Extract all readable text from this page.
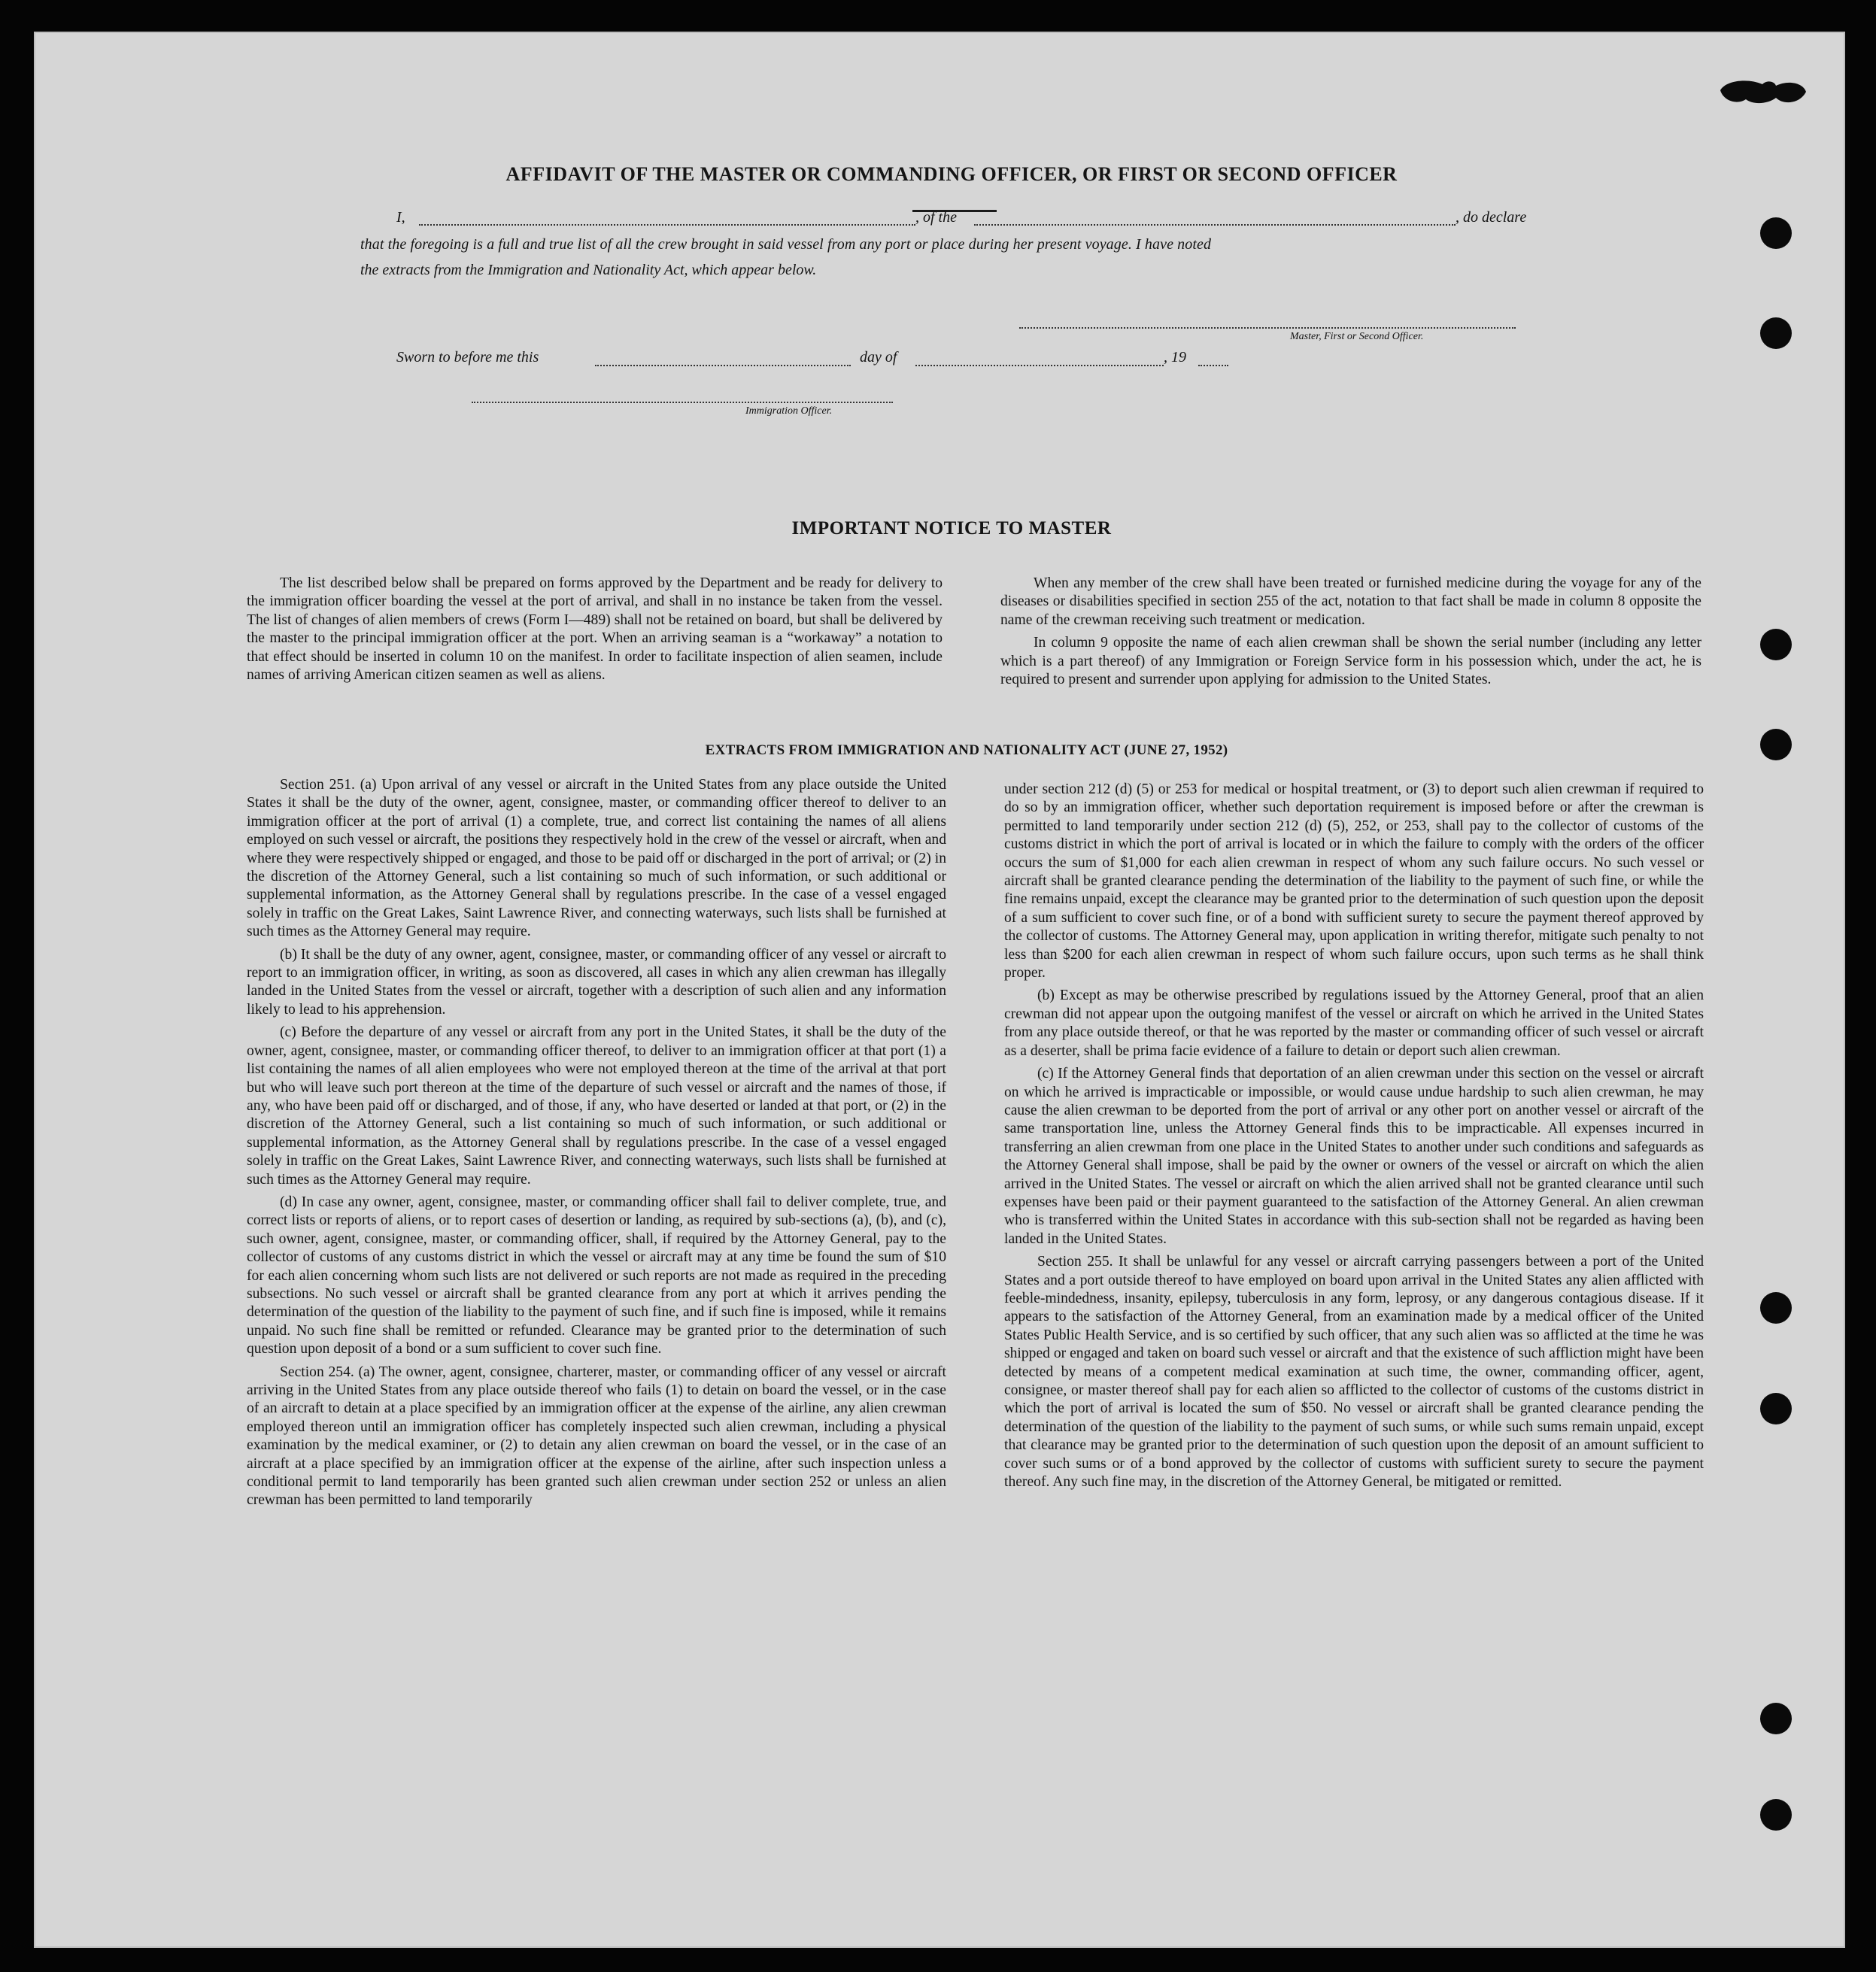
AFFIDAVIT OF THE MASTER OR COMMANDING OFFICER, OR FIRST OR SECOND OFFICER
I,	, of the	, do declare
that the foregoing is a full and true list of all the crew brought in said vessel from any port or place during her present voyage. I have noted
the extracts from the Immigration and Nationality Act, which appear below.
Master, First or Second Officer.
Sworn to before me this	day of	, 19
Immigration Officer.
IMPORTANT NOTICE TO MASTER

The list described below shall be prepared on forms approved by the Department and be ready for delivery to the immigration officer boarding the vessel at the port of arrival, and shall in no instance be taken from the vessel. The list of changes of alien members of crews (Form I—489) shall not be retained on board, but shall be delivered by the master to the principal immigration officer at the port. When an arriving seaman is a “workaway” a notation to that effect should be inserted in column 10 on the manifest. In order to facilitate inspection of alien seamen, include names of arriving American citizen seamen as well as aliens.

When any member of the crew shall have been treated or furnished medicine during the voyage for any of the diseases or disabilities specified in section 255 of the act, notation to that fact shall be made in column 8 opposite the name of the crewman receiving such treatment or medication.

In column 9 opposite the name of each alien crewman shall be shown the serial number (including any letter which is a part thereof) of any Immigration or Foreign Service form in his possession which, under the act, he is required to present and surrender upon applying for admission to the United States.

EXTRACTS FROM IMMIGRATION AND NATIONALITY ACT (JUNE 27, 1952)

Section 251. (a) Upon arrival of any vessel or aircraft in the United States from any place outside the United States it shall be the duty of the owner, agent, consignee, master, or commanding officer thereof to deliver to an immigration officer at the port of arrival (1) a complete, true, and correct list containing the names of all aliens employed on such vessel or aircraft, the positions they respectively hold in the crew of the vessel or aircraft, when and where they were respectively shipped or engaged, and those to be paid off or discharged in the port of arrival; or (2) in the discretion of the Attorney General, such a list containing so much of such information, or such additional or supplemental information, as the Attorney General shall by regulations prescribe. In the case of a vessel engaged solely in traffic on the Great Lakes, Saint Lawrence River, and connecting waterways, such lists shall be furnished at such times as the Attorney General may require.

(b) It shall be the duty of any owner, agent, consignee, master, or commanding officer of any vessel or aircraft to report to an immigration officer, in writing, as soon as discovered, all cases in which any alien crewman has illegally landed in the United States from the vessel or aircraft, together with a description of such alien and any information likely to lead to his apprehension.

(c) Before the departure of any vessel or aircraft from any port in the United States, it shall be the duty of the owner, agent, consignee, master, or commanding officer thereof, to deliver to an immigration officer at that port (1) a list containing the names of all alien employees who were not employed thereon at the time of the arrival at that port but who will leave such port thereon at the time of the departure of such vessel or aircraft and the names of those, if any, who have been paid off or discharged, and of those, if any, who have deserted or landed at that port, or (2) in the discretion of the Attorney General, such a list containing so much of such information, or such additional or supplemental information, as the Attorney General shall by regulations prescribe. In the case of a vessel engaged solely in traffic on the Great Lakes, Saint Lawrence River, and connecting waterways, such lists shall be furnished at such times as the Attorney General may require.

(d) In case any owner, agent, consignee, master, or commanding officer shall fail to deliver complete, true, and correct lists or reports of aliens, or to report cases of desertion or landing, as required by sub-sections (a), (b), and (c), such owner, agent, consignee, master, or commanding officer, shall, if required by the Attorney General, pay to the collector of customs of any customs district in which the vessel or aircraft may at any time be found the sum of $10 for each alien concerning whom such lists are not delivered or such reports are not made as required in the preceding subsections. No such vessel or aircraft shall be granted clearance from any port at which it arrives pending the determination of the question of the liability to the payment of such fine, and if such fine is imposed, while it remains unpaid. No such fine shall be remitted or refunded. Clearance may be granted prior to the determination of such question upon deposit of a bond or a sum sufficient to cover such fine.

Section 254. (a) The owner, agent, consignee, charterer, master, or commanding officer of any vessel or aircraft arriving in the United States from any place outside thereof who fails (1) to detain on board the vessel, or in the case of an aircraft to detain at a place specified by an immigration officer at the expense of the airline, any alien crewman employed thereon until an immigration officer has completely inspected such alien crewman, including a physical examination by the medical examiner, or (2) to detain any alien crewman on board the vessel, or in the case of an aircraft at a place specified by an immigration officer at the expense of the airline, after such inspection unless a conditional permit to land temporarily has been granted such alien crewman under section 252 or unless an alien crewman has been permitted to land temporarily

under section 212 (d) (5) or 253 for medical or hospital treatment, or (3) to deport such alien crewman if required to do so by an immigration officer, whether such deportation requirement is imposed before or after the crewman is permitted to land temporarily under section 212 (d) (5), 252, or 253, shall pay to the collector of customs of the customs district in which the port of arrival is located or in which the failure to comply with the orders of the officer occurs the sum of $1,000 for each alien crewman in respect of whom any such failure occurs. No such vessel or aircraft shall be granted clearance pending the determination of the liability to the payment of such fine, or while the fine remains unpaid, except the clearance may be granted prior to the determination of such question upon the deposit of a sum sufficient to cover such fine, or of a bond with sufficient surety to secure the payment thereof approved by the collector of customs. The Attorney General may, upon application in writing therefor, mitigate such penalty to not less than $200 for each alien crewman in respect of whom such failure occurs, upon such terms as he shall think proper.

(b) Except as may be otherwise prescribed by regulations issued by the Attorney General, proof that an alien crewman did not appear upon the outgoing manifest of the vessel or aircraft on which he arrived in the United States from any place outside thereof, or that he was reported by the master or commanding officer of such vessel or aircraft as a deserter, shall be prima facie evidence of a failure to detain or deport such alien crewman.

(c) If the Attorney General finds that deportation of an alien crewman under this section on the vessel or aircraft on which he arrived is impracticable or impossible, or would cause undue hardship to such alien crewman, he may cause the alien crewman to be deported from the port of arrival or any other port on another vessel or aircraft of the same transportation line, unless the Attorney General finds this to be impracticable. All expenses incurred in transferring an alien crewman from one place in the United States to another under such conditions and safeguards as the Attorney General shall impose, shall be paid by the owner or owners of the vessel or aircraft on which the alien arrived in the United States. The vessel or aircraft on which the alien arrived shall not be granted clearance until such expenses have been paid or their payment guaranteed to the satisfaction of the Attorney General. An alien crewman who is transferred within the United States in accordance with this sub-section shall not be regarded as having been landed in the United States.

Section 255. It shall be unlawful for any vessel or aircraft carrying passengers between a port of the United States and a port outside thereof to have employed on board upon arrival in the United States any alien afflicted with feeble-mindedness, insanity, epilepsy, tuberculosis in any form, leprosy, or any dangerous contagious disease. If it appears to the satisfaction of the Attorney General, from an examination made by a medical officer of the United States Public Health Service, and is so certified by such officer, that any such alien was so afflicted at the time he was shipped or engaged and taken on board such vessel or aircraft and that the existence of such affliction might have been detected by means of a competent medical examination at such time, the owner, commanding officer, agent, consignee, or master thereof shall pay for each alien so afflicted to the collector of customs of the customs district in which the port of arrival is located the sum of $50. No vessel or aircraft shall be granted clearance pending the determination of the question of the liability to the payment of such sums, or while such sums remain unpaid, except that clearance may be granted prior to the determination of such question upon the deposit of an amount sufficient to cover such sums or of a bond approved by the collector of customs with sufficient surety to secure the payment thereof. Any such fine may, in the discretion of the Attorney General, be mitigated or remitted.
